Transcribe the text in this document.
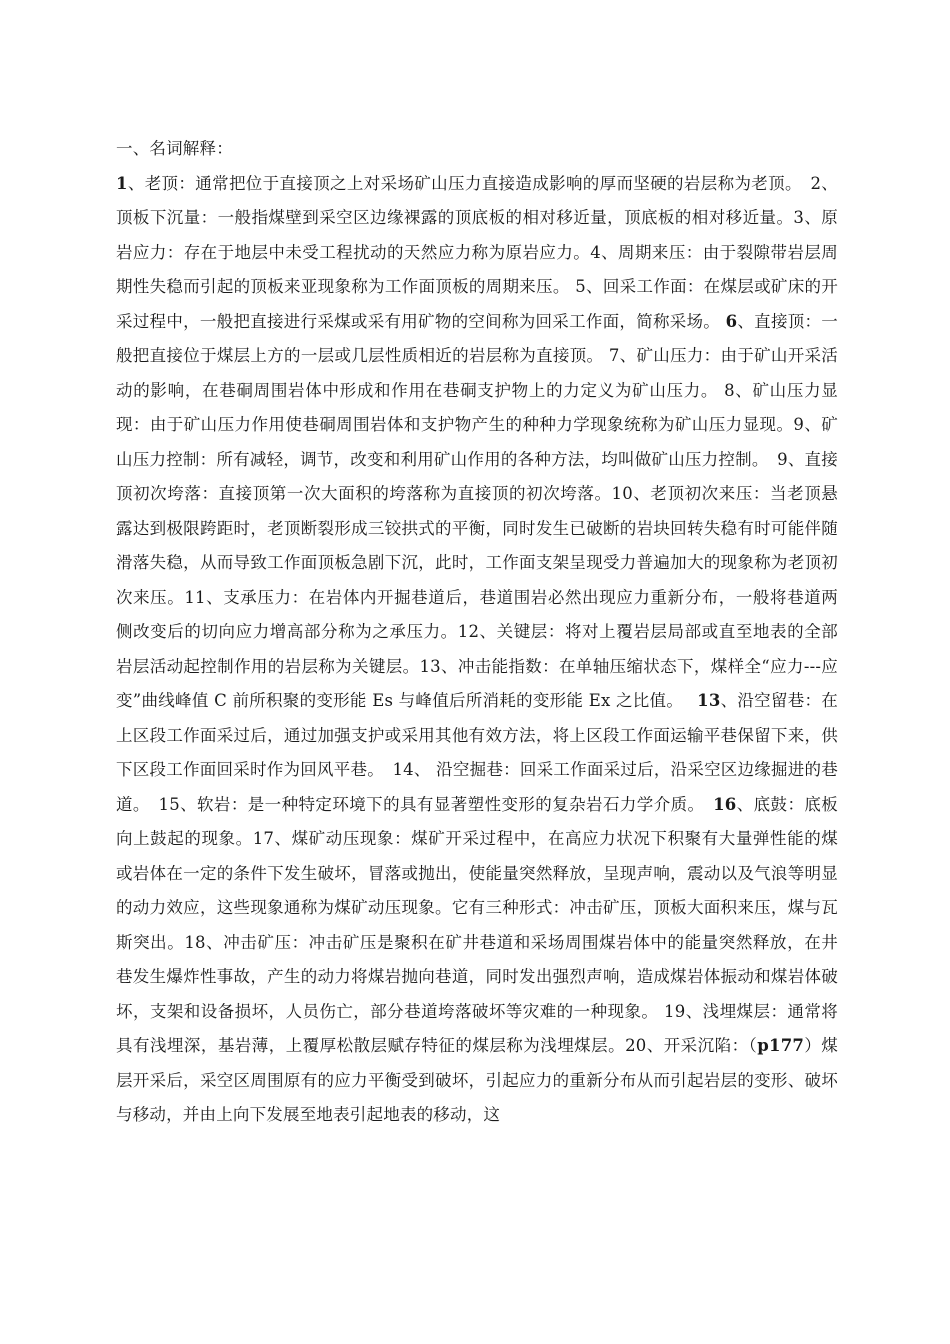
一、名词解释：

1、老顶：通常把位于直接顶之上对采场矿山压力直接造成影响的厚而坚硬的岩层称为老顶。　2、顶板下沉量：一般指煤壁到采空区边缘裸露的顶底板的相对移近量，顶底板的相对移近量。3、原岩应力：存在于地层中未受工程扰动的天然应力称为原岩应力。4、周期来压：由于裂隙带岩层周期性失稳而引起的顶板来亚现象称为工作面顶板的周期来压。 5、回采工作面：在煤层或矿床的开采过程中，一般把直接进行采煤或采有用矿物的空间称为回采工作面，简称采场。 6、直接顶：一般把直接位于煤层上方的一层或几层性质相近的岩层称为直接顶。 7、矿山压力：由于矿山开采活动的影响，在巷硐周围岩体中形成和作用在巷硐支护物上的力定义为矿山压力。 8、矿山压力显现：由于矿山压力作用使巷硐周围岩体和支护物产生的种种力学现象统称为矿山压力显现。9、矿山压力控制：所有减轻，调节，改变和利用矿山作用的各种方法，均叫做矿山压力控制。　9、直接顶初次垮落：直接顶第一次大面积的垮落称为直接顶的初次垮落。10、老顶初次来压：当老顶悬露达到极限跨距时，老顶断裂形成三铰拱式的平衡，同时发生已破断的岩块回转失稳有时可能伴随滑落失稳，从而导致工作面顶板急剧下沉，此时，工作面支架呈现受力普遍加大的现象称为老顶初次来压。11、支承压力：在岩体内开掘巷道后，巷道围岩必然出现应力重新分布，一般将巷道两侧改变后的切向应力增高部分称为之承压力。12、关键层：将对上覆岩层局部或直至地表的全部岩层活动起控制作用的岩层称为关键层。13、冲击能指数：在单轴压缩状态下，煤样全“应力---应变”曲线峰值 C 前所积聚的变形能 Es 与峰值后所消耗的变形能 Ex 之比值。　 13、沿空留巷：在上区段工作面采过后，通过加强支护或采用其他有效方法，将上区段工作面运输平巷保留下来，供下区段工作面回采时作为回风平巷。　14、 沿空掘巷：回采工作面采过后，沿采空区边缘掘进的巷道。　15、软岩：是一种特定环境下的具有显著塑性变形的复杂岩石力学介质。　16、底鼓：底板向上鼓起的现象。17、煤矿动压现象：煤矿开采过程中，在高应力状况下积聚有大量弹性能的煤或岩体在一定的条件下发生破坏，冒落或抛出，使能量突然释放，呈现声响，震动以及气浪等明显的动力效应，这些现象通称为煤矿动压现象。它有三种形式：冲击矿压，顶板大面积来压，煤与瓦斯突出。18、冲击矿压：冲击矿压是聚积在矿井巷道和采场周围煤岩体中的能量突然释放，在井巷发生爆炸性事故，产生的动力将煤岩抛向巷道，同时发出强烈声响，造成煤岩体振动和煤岩体破坏，支架和设备损坏，人员伤亡，部分巷道垮落破坏等灾难的一种现象。 19、浅埋煤层：通常将具有浅埋深，基岩薄，上覆厚松散层赋存特征的煤层称为浅埋煤层。20、开采沉陷：（p177）煤层开采后，采空区周围原有的应力平衡受到破坏，引起应力的重新分布从而引起岩层的变形、破坏与移动，并由上向下发展至地表引起地表的移动，这
